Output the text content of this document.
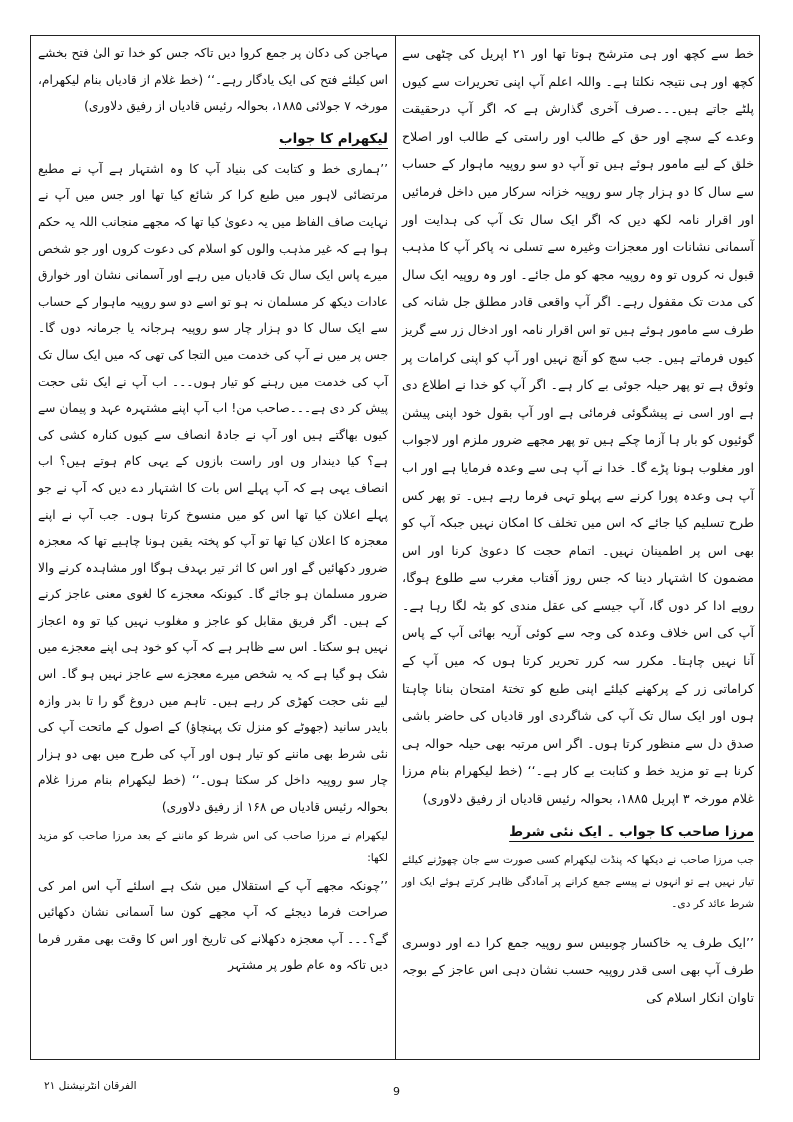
خط سے کچھ اور ہی مترشح ہوتا تھا اور ۲۱ اپریل کی چٹھی سے کچھ اور ہی نتیجہ نکلتا ہے۔ واللہ اعلم آپ اپنی تحریرات سے کیوں پلٹے جاتے ہیں۔۔۔صرف آخری گذارش ہے کہ اگر آپ درحقیقت وعدے کے سچے اور حق کے طالب اور راستی کے طالب اور اصلاح خلق کے لیے مامور ہوئے ہیں تو آپ دو سو روپیہ ماہوار کے حساب سے سال کا دو ہزار چار سو روپیہ خزانہ سرکار میں داخل فرمائیں اور اقرار نامہ لکھ دیں کہ اگر ایک سال تک آپ کی ہدایت اور آسمانی نشانات اور معجزات وغیرہ سے تسلی نہ پاکر آپ کا مذہب قبول نہ کروں تو وہ روپیہ مجھ کو مل جائے۔ اور وہ روپیہ ایک سال کی مدت تک مقفول رہے۔ اگر آپ واقعی قادر مطلق جل شانہ کی طرف سے مامور ہوئے ہیں تو اس اقرار نامہ اور ادخال زر سے گریز کیوں فرماتے ہیں۔ جب سچ کو آنچ نہیں اور آپ کو اپنی کرامات پر وثوق ہے تو پھر حیلہ جوئی بے کار ہے۔ اگر آپ کو خدا نے اطلاع دی ہے اور اسی نے پیشگوئی فرمائی ہے اور آپ بقول خود اپنی پیشن گوئیوں کو بار ہا آزما چکے ہیں تو پھر مجھے ضرور ملزم اور لاجواب اور مغلوب ہونا پڑے گا۔ خدا نے آپ ہی سے وعدہ فرمایا ہے اور اب آپ ہی وعدہ پورا کرنے سے پہلو تہی فرما رہے ہیں۔ تو پھر کس طرح تسلیم کیا جائے کہ اس میں تخلف کا امکان نہیں جبکہ آپ کو بھی اس پر اطمینان نہیں۔ اتمام حجت کا دعویٰ کرنا اور اس مضمون کا اشتہار دینا کہ جس روز آفتاب مغرب سے طلوع ہوگا، روپے ادا کر دوں گا، آپ جیسے کی عقل مندی کو بٹہ لگا رہا ہے۔ آپ کی اس خلاف وعدہ کی وجہ سے کوئی آریہ بھائی آپ کے پاس آنا نہیں چاہتا۔ مکرر سہ کرر تحریر کرتا ہوں کہ میں آپ کے کراماتی زر کے پرکھنے کیلئے اپنی طبع کو تختۂ امتحان بنانا چاہتا ہوں اور ایک سال تک آپ کی شاگردی اور قادیاں کی حاضر باشی صدق دل سے منظور کرتا ہوں۔ اگر اس مرتبہ بھی حیلہ حوالہ ہی کرنا ہے تو مزید خط و کتابت بے کار ہے۔‘‘ (خط لیکھرام بنام مرزا غلام مورخہ ۳ اپریل ۱۸۸۵، بحوالہ رئیس قادیاں از رفیق دلاوری)

مرزا صاحب کا جواب ۔ ایک نئی شرط

جب مرزا صاحب نے دیکھا کہ پنڈت لیکھرام کسی صورت سے جان چھوڑنے کیلئے تیار نہیں ہے تو انہوں نے پیسے جمع کرانے پر آمادگی ظاہر کرتے ہوئے ایک اور شرط عائد کر دی۔

’’ایک طرف یہ خاکسار چوبیس سو روپیہ جمع کرا دے اور دوسری طرف آپ بھی اسی قدر روپیہ حسب نشان دہی اس عاجز کے بوجہ تاوان انکار اسلام کی

مہاجن کی دکان پر جمع کروا دیں تاکہ جس کو خدا تو الیٰ فتح بخشے اس کیلئے فتح کی ایک یادگار رہے۔‘‘ (خط غلام از قادیاں بنام لیکھرام، مورخہ ۷ جولائی ۱۸۸۵، بحوالہ رئیس قادیاں از رفیق دلاوری)

لیکھرام کا جواب

’’ہماری خط و کتابت کی بنیاد آپ کا وہ اشتہار ہے آپ نے مطبع مرتضائی لاہور میں طبع کرا کر شائع کیا تھا اور جس میں آپ نے نہایت صاف الفاظ میں یہ دعویٰ کیا تھا کہ مجھے منجانب اللہ یہ حکم ہوا ہے کہ غیر مذہب والوں کو اسلام کی دعوت کروں اور جو شخص میرے پاس ایک سال تک قادیاں میں رہے اور آسمانی نشان اور خوارق عادات دیکھ کر مسلمان نہ ہو تو اسے دو سو روپیہ ماہوار کے حساب سے ایک سال کا دو ہزار چار سو روپیہ ہرجانہ یا جرمانہ دوں گا۔ جس پر میں نے آپ کی خدمت میں التجا کی تھی کہ میں ایک سال تک آپ کی خدمت میں رہنے کو تیار ہوں۔۔۔ اب آپ نے ایک نئی حجت پیش کر دی ہے۔۔۔صاحب من! اب آپ اپنے مشتہرہ عہد و پیمان سے کیوں بھاگتے ہیں اور آپ نے جادۂ انصاف سے کیوں کنارہ کشی کی ہے؟ کیا دیندار وں اور راست بازوں کے یہی کام ہوتے ہیں؟ اب انصاف یہی ہے کہ آپ پہلے اس بات کا اشتہار دے دیں کہ آپ نے جو پہلے اعلان کیا تھا اس کو میں منسوخ کرتا ہوں۔ جب آپ نے اپنے معجزہ کا اعلان کیا تھا تو آپ کو پختہ یقین ہونا چاہیے تھا کہ معجزہ ضرور دکھائیں گے اور اس کا اثر تیر بہدف ہوگا اور مشاہدہ کرنے والا ضرور مسلمان ہو جائے گا۔ کیونکہ معجزے کا لغوی معنی عاجز کرنے کے ہیں۔ اگر فریق مقابل کو عاجز و مغلوب نہیں کیا تو وہ اعجاز نہیں ہو سکتا۔ اس سے ظاہر ہے کہ آپ کو خود ہی اپنے معجزے میں شک ہو گیا ہے کہ یہ شخص میرے معجزے سے عاجز نہیں ہو گا۔ اس لیے نئی حجت کھڑی کر رہے ہیں۔ تاہم میں دروغ گو را تا بدر وازہ بایدر سانید (جھوٹے کو منزل تک پہنچاؤ) کے اصول کے ماتحت آپ کی نئی شرط بھی ماننے کو تیار ہوں اور آپ کی طرح میں بھی دو ہزار چار سو روپیہ داخل کر سکتا ہوں۔‘‘ (خط لیکھرام بنام مرزا غلام بحوالہ رئیس قادیاں ص ۱۶۸ از رفیق دلاوری)

لیکھرام نے مرزا صاحب کی اس شرط کو ماننے کے بعد مرزا صاحب کو مزید لکھا:

’’چونکہ مجھے آپ کے استقلال میں شک ہے اسلئے آپ اس امر کی صراحت فرما دیجئے کہ آپ مجھے کون سا آسمانی نشان دکھائیں گے؟۔۔۔ آپ معجزہ دکھلانے کی تاریخ اور اس کا وقت بھی مقرر فرما دیں تاکہ وہ عام طور پر مشتہر

الفرقان انٹرنیشنل ۲۱	9
